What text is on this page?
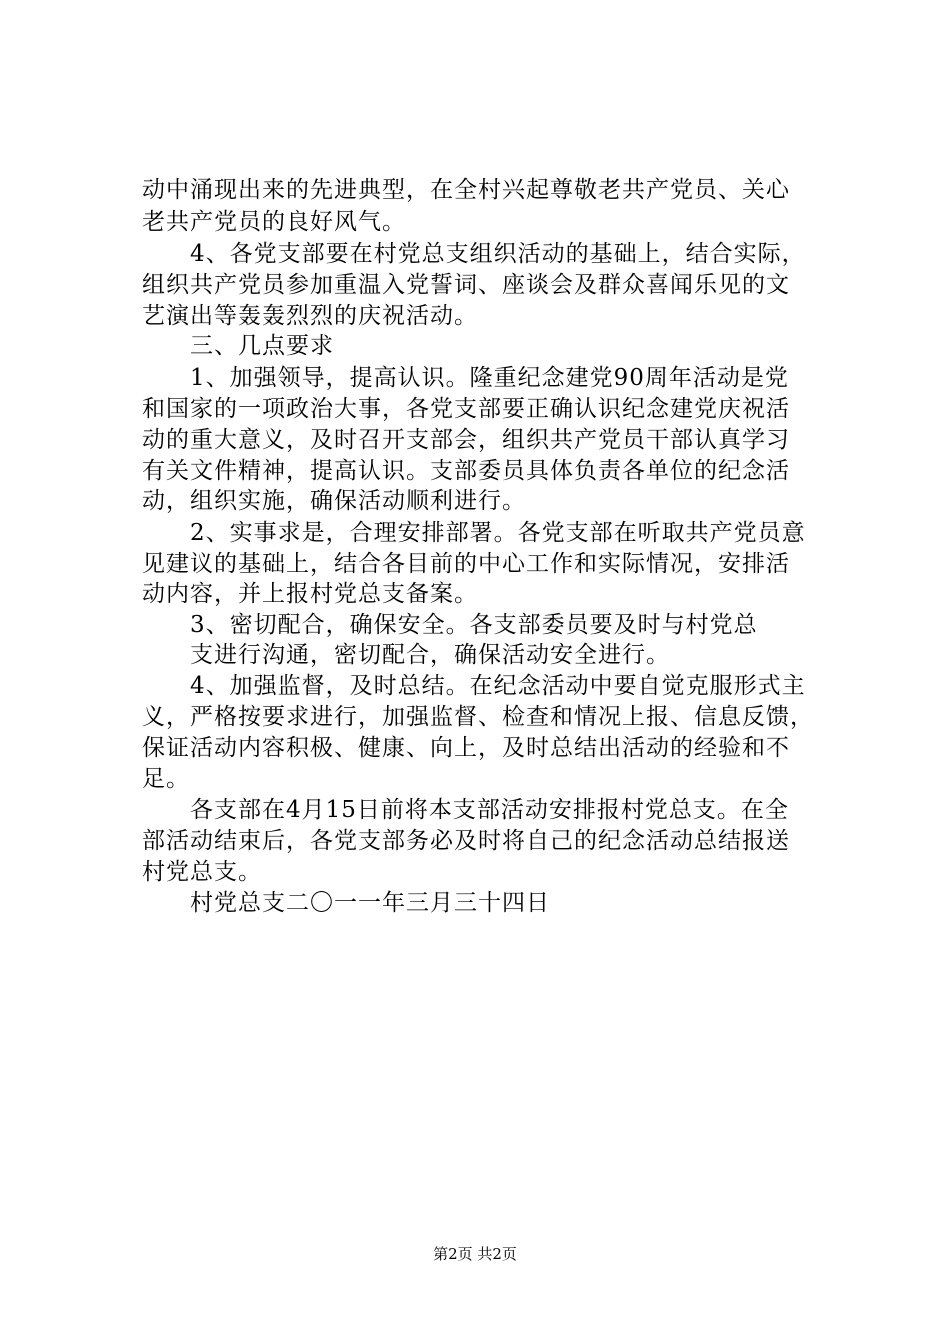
动中涌现出来的先进典型，在全村兴起尊敬老共产党员、关心
老共产党员的良好风气。
　　4、各党支部要在村党总支组织活动的基础上，结合实际，
组织共产党员参加重温入党誓词、座谈会及群众喜闻乐见的文
艺演出等轰轰烈烈的庆祝活动。
　　三、几点要求
　　1、加强领导，提高认识。隆重纪念建党90周年活动是党
和国家的一项政治大事，各党支部要正确认识纪念建党庆祝活
动的重大意义，及时召开支部会，组织共产党员干部认真学习
有关文件精神，提高认识。支部委员具体负责各单位的纪念活
动，组织实施，确保活动顺利进行。
　　2、实事求是，合理安排部署。各党支部在听取共产党员意
见建议的基础上，结合各目前的中心工作和实际情况，安排活
动内容，并上报村党总支备案。
　　3、密切配合，确保安全。各支部委员要及时与村党总
　　支进行沟通，密切配合，确保活动安全进行。
　　4、加强监督，及时总结。在纪念活动中要自觉克服形式主
义，严格按要求进行，加强监督、检查和情况上报、信息反馈，
保证活动内容积极、健康、向上，及时总结出活动的经验和不
足。
　　各支部在4月15日前将本支部活动安排报村党总支。在全
部活动结束后，各党支部务必及时将自己的纪念活动总结报送
村党总支。
　　村党总支二〇一一年三月三十四日
第2页 共2页
